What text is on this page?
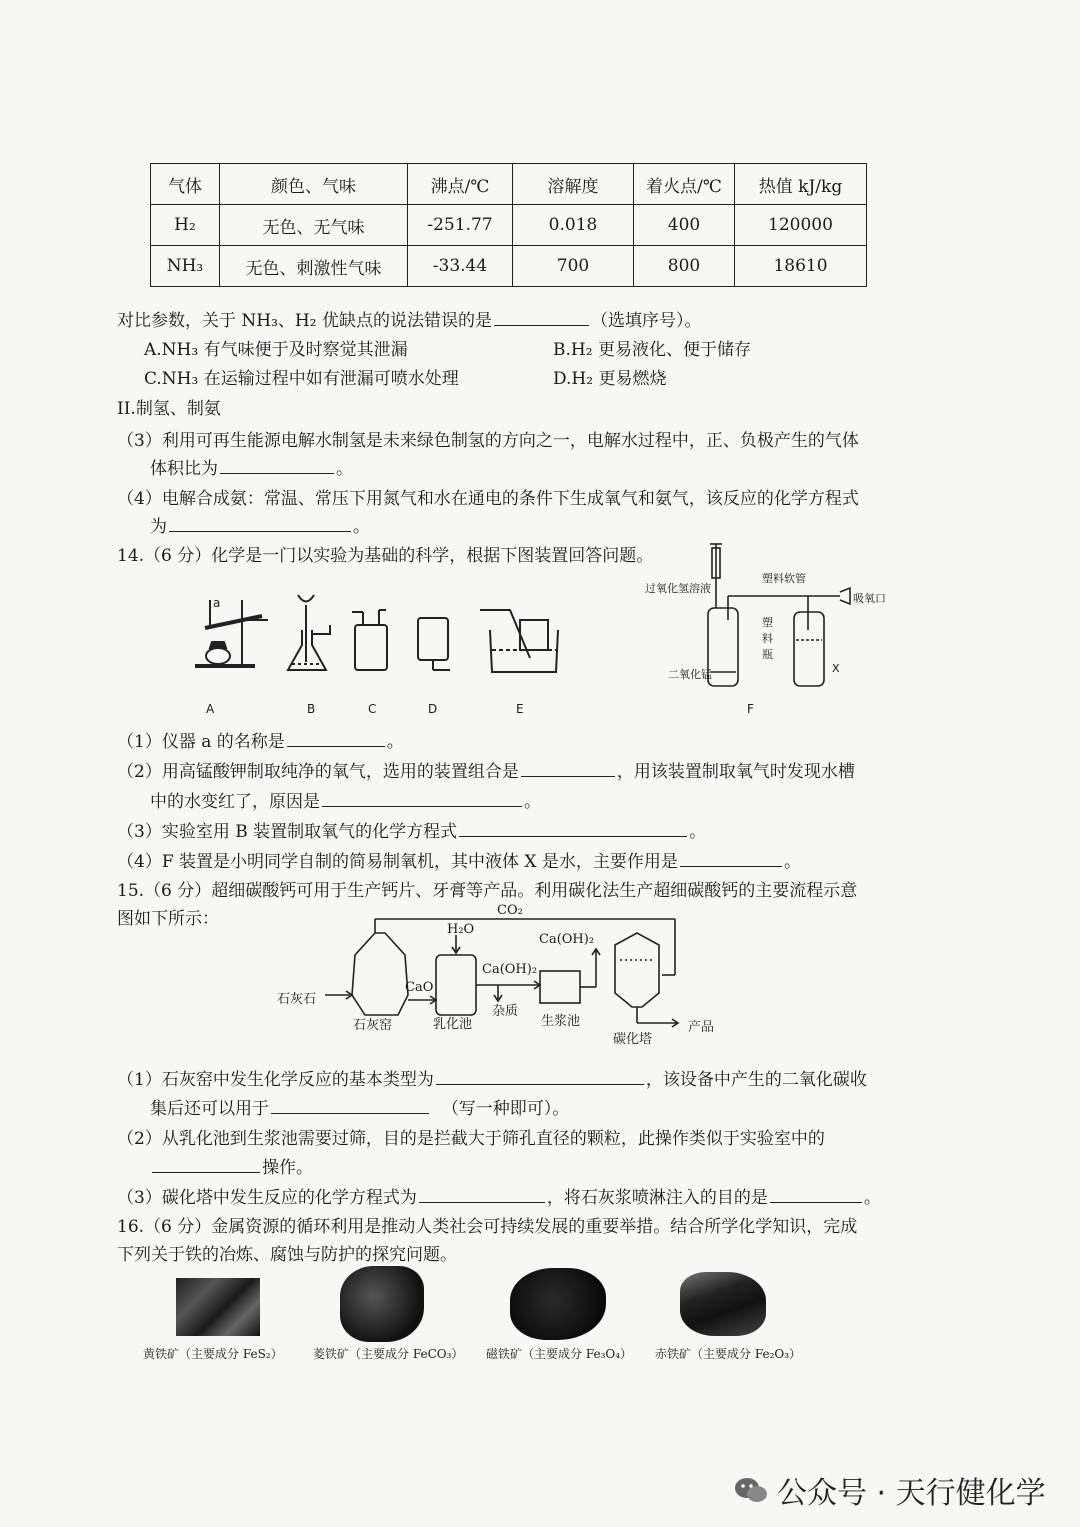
气体	颜色、气味	沸点/℃	溶解度	着火点/℃	热值 kJ/kg
H₂	无色、无气味	-251.77	0.018	400	120000
NH₃	无色、刺激性气味	-33.44	700	800	18610
对比参数，关于 NH₃、H₂ 优缺点的说法错误的是	（选填序号）。
A.NH₃ 有气味便于及时察觉其泄漏	B.H₂ 更易液化、便于储存
C.NH₃ 在运输过程中如有泄漏可喷水处理	D.H₂ 更易燃烧
II.制氢、制氨
（3）利用可再生能源电解水制氢是未来绿色制氢的方向之一，电解水过程中，正、负极产生的气体
体积比为	。
（4）电解合成氨：常温、常压下用氮气和水在通电的条件下生成氧气和氨气，该反应的化学方程式
为	。
14.（6 分）化学是一门以实验为基础的科学，根据下图装置回答问题。
a
A	B	C	D	E	F
过氧化氢溶液
塑料软管
吸氧口
塑料瓶
二氧化锰	X
（1）仪器 a 的名称是	。
（2）用高锰酸钾制取纯净的氧气，选用的装置组合是	，用该装置制取氧气时发现水槽
中的水变红了，原因是	。
（3）实验室用 B 装置制取氧气的化学方程式	。
（4）F 装置是小明同学自制的简易制氧机，其中液体 X 是水，主要作用是	。
15.（6 分）超细碳酸钙可用于生产钙片、牙膏等产品。利用碳化法生产超细碳酸钙的主要流程示意
图如下所示：	CO₂
H₂O
Ca(OH)₂
Ca(OH)₂
CaO
石灰石
石灰窑	乳化池
杂质
生浆池
碳化塔
产品
（1）石灰窑中发生化学反应的基本类型为	，该设备中产生的二氧化碳收
集后还可以用于	（写一种即可）。
（2）从乳化池到生浆池需要过筛，目的是拦截大于筛孔直径的颗粒，此操作类似于实验室中的
操作。
（3）碳化塔中发生反应的化学方程式为	，将石灰浆喷淋注入的目的是	。
16.（6 分）金属资源的循环利用是推动人类社会可持续发展的重要举措。结合所学化学知识，完成
下列关于铁的冶炼、腐蚀与防护的探究问题。
黄铁矿（主要成分 FeS₂）	菱铁矿（主要成分 FeCO₃） 磁铁矿（主要成分 Fe₃O₄） 赤铁矿（主要成分 Fe₂O₃）
公众号 · 天行健化学
